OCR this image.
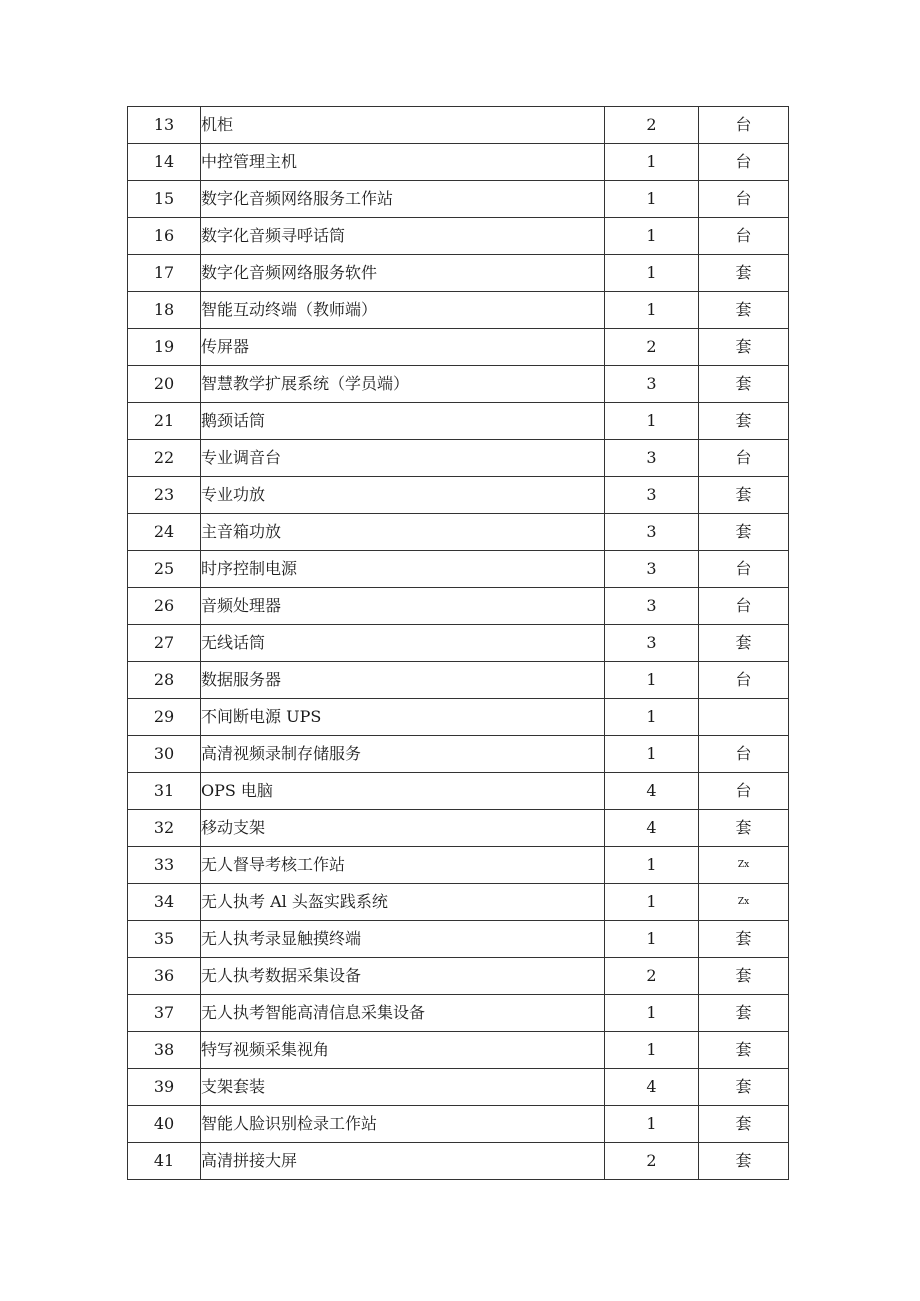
13	机柜	2	台
14	中控管理主机	1	台
15	数字化音频网络服务工作站	1	台
16	数字化音频寻呼话筒	1	台
17	数字化音频网络服务软件	1	套
18	智能互动终端（教师端）	1	套
19	传屏器	2	套
20	智慧教学扩展系统（学员端）	3	套
21	鹅颈话筒	1	套
22	专业调音台	3	台
23	专业功放	3	套
24	主音箱功放	3	套
25	时序控制电源	3	台
26	音频处理器	3	台
27	无线话筒	3	套
28	数据服务器	1	台
29	不间断电源 UPS	1	
30	高清视频录制存储服务	1	台
31	OPS 电脑	4	台
32	移动支架	4	套
33	无人督导考核工作站	1	Zx
34	无人执考 Al 头盔实践系统	1	Zx
35	无人执考录显触摸终端	1	套
36	无人执考数据采集设备	2	套
37	无人执考智能高清信息采集设备	1	套
38	特写视频采集视角	1	套
39	支架套装	4	套
40	智能人脸识别检录工作站	1	套
41	高清拼接大屏	2	套
